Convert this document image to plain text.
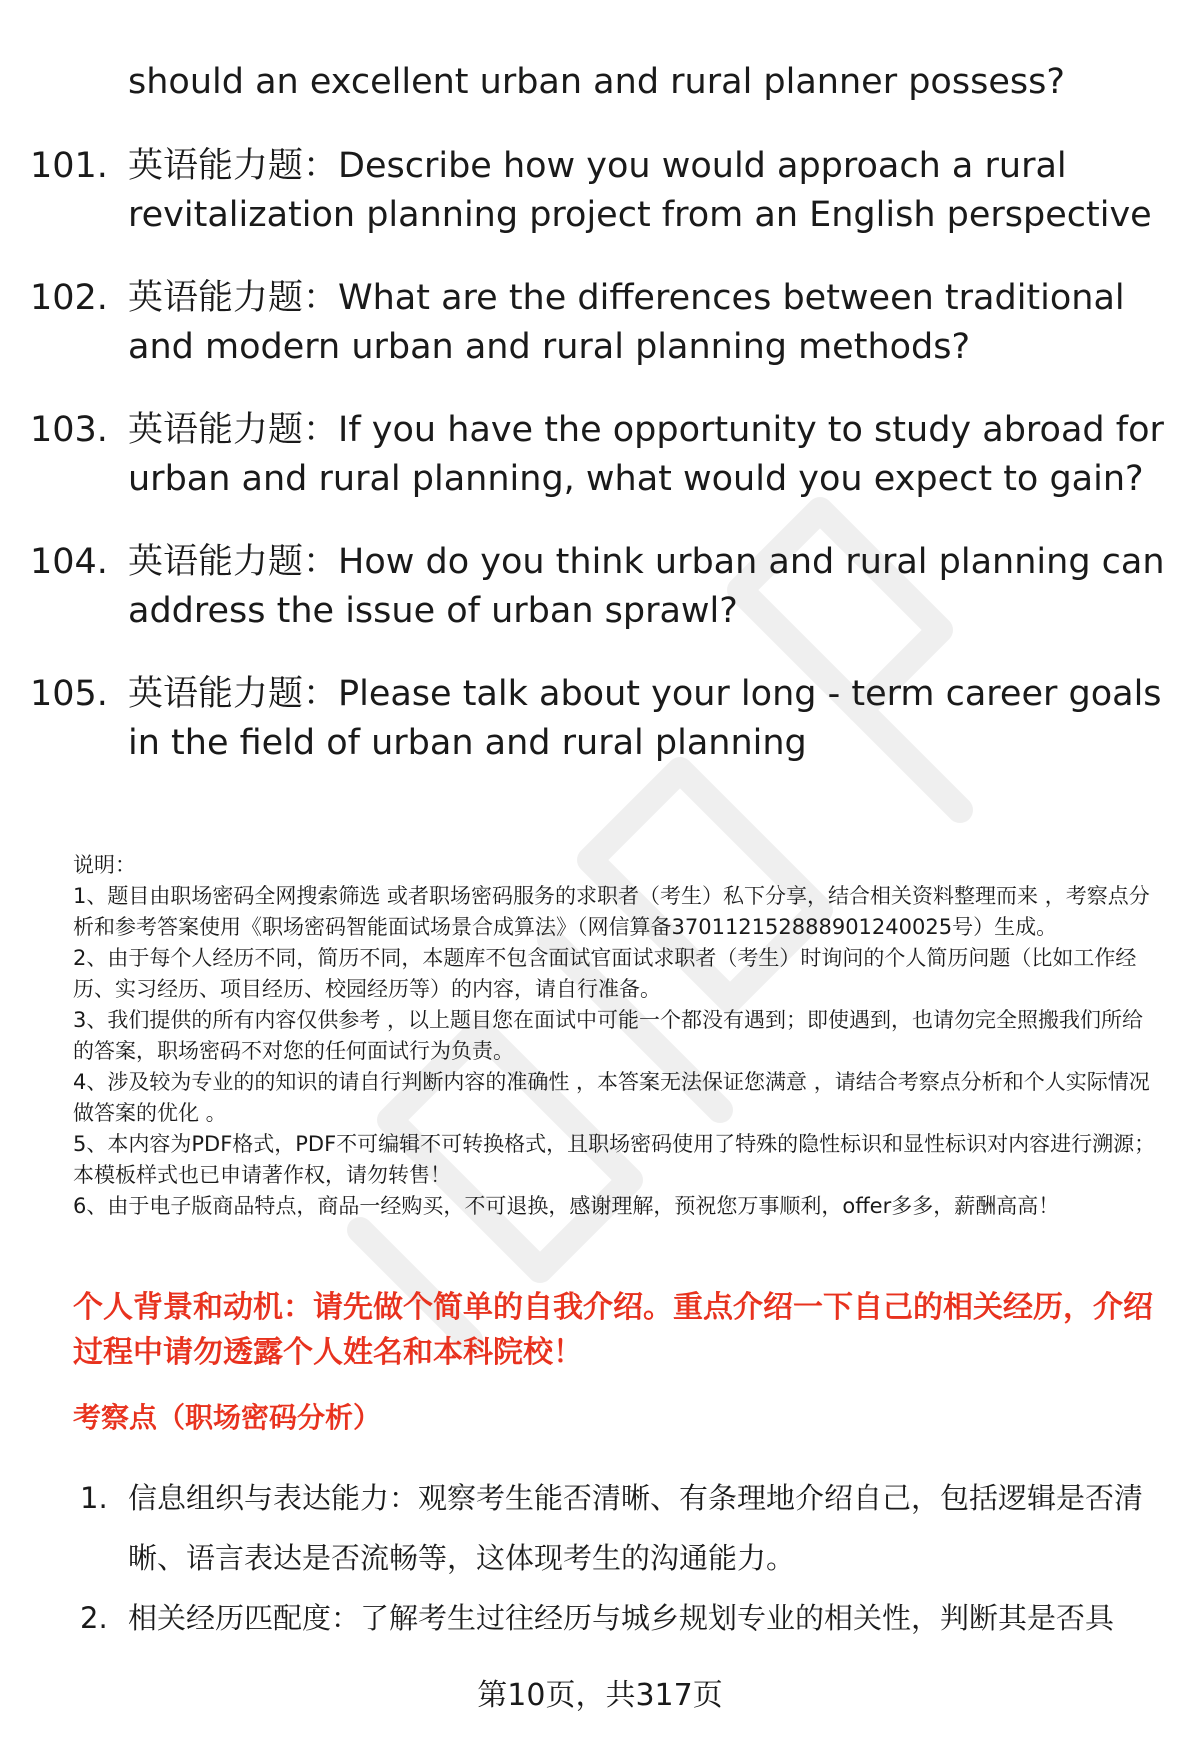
should an excellent urban and rural planner possess?
101. 英语能力题：Describe how you would approach a rural revitalization planning project from an English perspective
102. 英语能力题：What are the differences between traditional and modern urban and rural planning methods?
103. 英语能力题：If you have the opportunity to study abroad for urban and rural planning, what would you expect to gain?
104. 英语能力题：How do you think urban and rural planning can address the issue of urban sprawl?
105. 英语能力题：Please talk about your long - term career goals in the field of urban and rural planning

说明：

1、题目由职场密码全网搜索筛选 或者职场密码服务的求职者（考生）私下分享，结合相关资料整理而来 ，考察点分析和参考答案使用《职场密码智能面试场景合成算法》（网信算备370112152888901240025号）生成。

2、由于每个人经历不同，简历不同，本题库不包含面试官面试求职者（考生）时询问的个人简历问题（比如工作经历、实习经历、项目经历、校园经历等）的内容，请自行准备。

3、我们提供的所有内容仅供参考 ，以上题目您在面试中可能一个都没有遇到；即使遇到，也请勿完全照搬我们所给的答案，职场密码不对您的任何面试行为负责。

4、涉及较为专业的的知识的请自行判断内容的准确性 ，本答案无法保证您满意 ，请结合考察点分析和个人实际情况做答案的优化 。

5、本内容为PDF格式，PDF不可编辑不可转换格式，且职场密码使用了特殊的隐性标识和显性标识对内容进行溯源；本模板样式也已申请著作权，请勿转售！

6、由于电子版商品特点，商品一经购买，不可退换，感谢理解，预祝您万事顺利，offer多多，薪酬高高！

个人背景和动机：请先做个简单的自我介绍。重点介绍一下自己的相关经历，介绍过程中请勿透露个人姓名和本科院校！
考察点（职场密码分析）
1. 信息组织与表达能力：观察考生能否清晰、有条理地介绍自己，包括逻辑是否清晰、语言表达是否流畅等，这体现考生的沟通能力。
2. 相关经历匹配度：了解考生过往经历与城乡规划专业的相关性，判断其是否具
第10页，共317页
